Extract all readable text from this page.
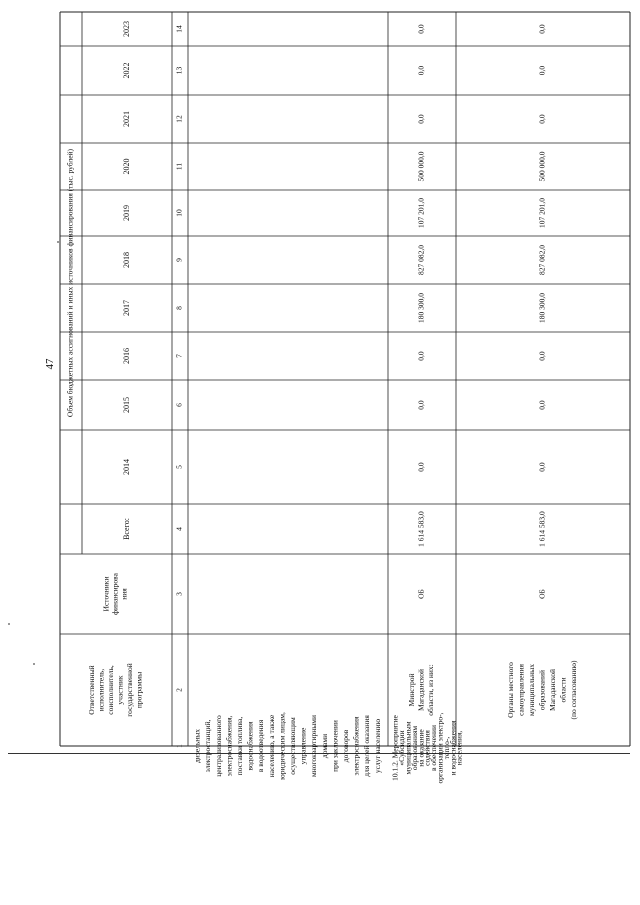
47 Объем бюджетных ассигнований и иных источников финансирования (тыс. рублей)
2023
2022
2021
2020
2019
2018
2017
2016
2015
2014
Всего:
Источники финансирова ния
Ответственный исполнитель, соисполнитель, участник государственной программы
14
13
12
11
10
9
8
7
6
5
4
3
2
1 дизельных электростанций, централизованного электроснабжения, поставки топлива, водоснабжения в водоотведения населению, а также юридическим лицам, осуществляющим управление многоквартирными домами при заключении договоров электроснабжения для целей оказания услуг населению 10.1.2. Мероприятие
«Субсидии
муниципальным
образованиям
на оказание
содействия
в обеспечении
организации электро-,
тепло-,
и водоснабжения
населения,
Минстрой Магаданской области, из них:
ОБ
0,0
0,0
0,0
500 000,0
107 201,0
827 082,0
180 300,0
0,0
0,0
0,0
1 614 583,0
Органы местного самоуправления муниципальных образований Магаданской области (по согласованию)
ОБ
0,0
0,0
0,0
500 000,0
107 201,0
827 082,0
180 300,0
0,0
0,0
0,0
1 614 583,0
